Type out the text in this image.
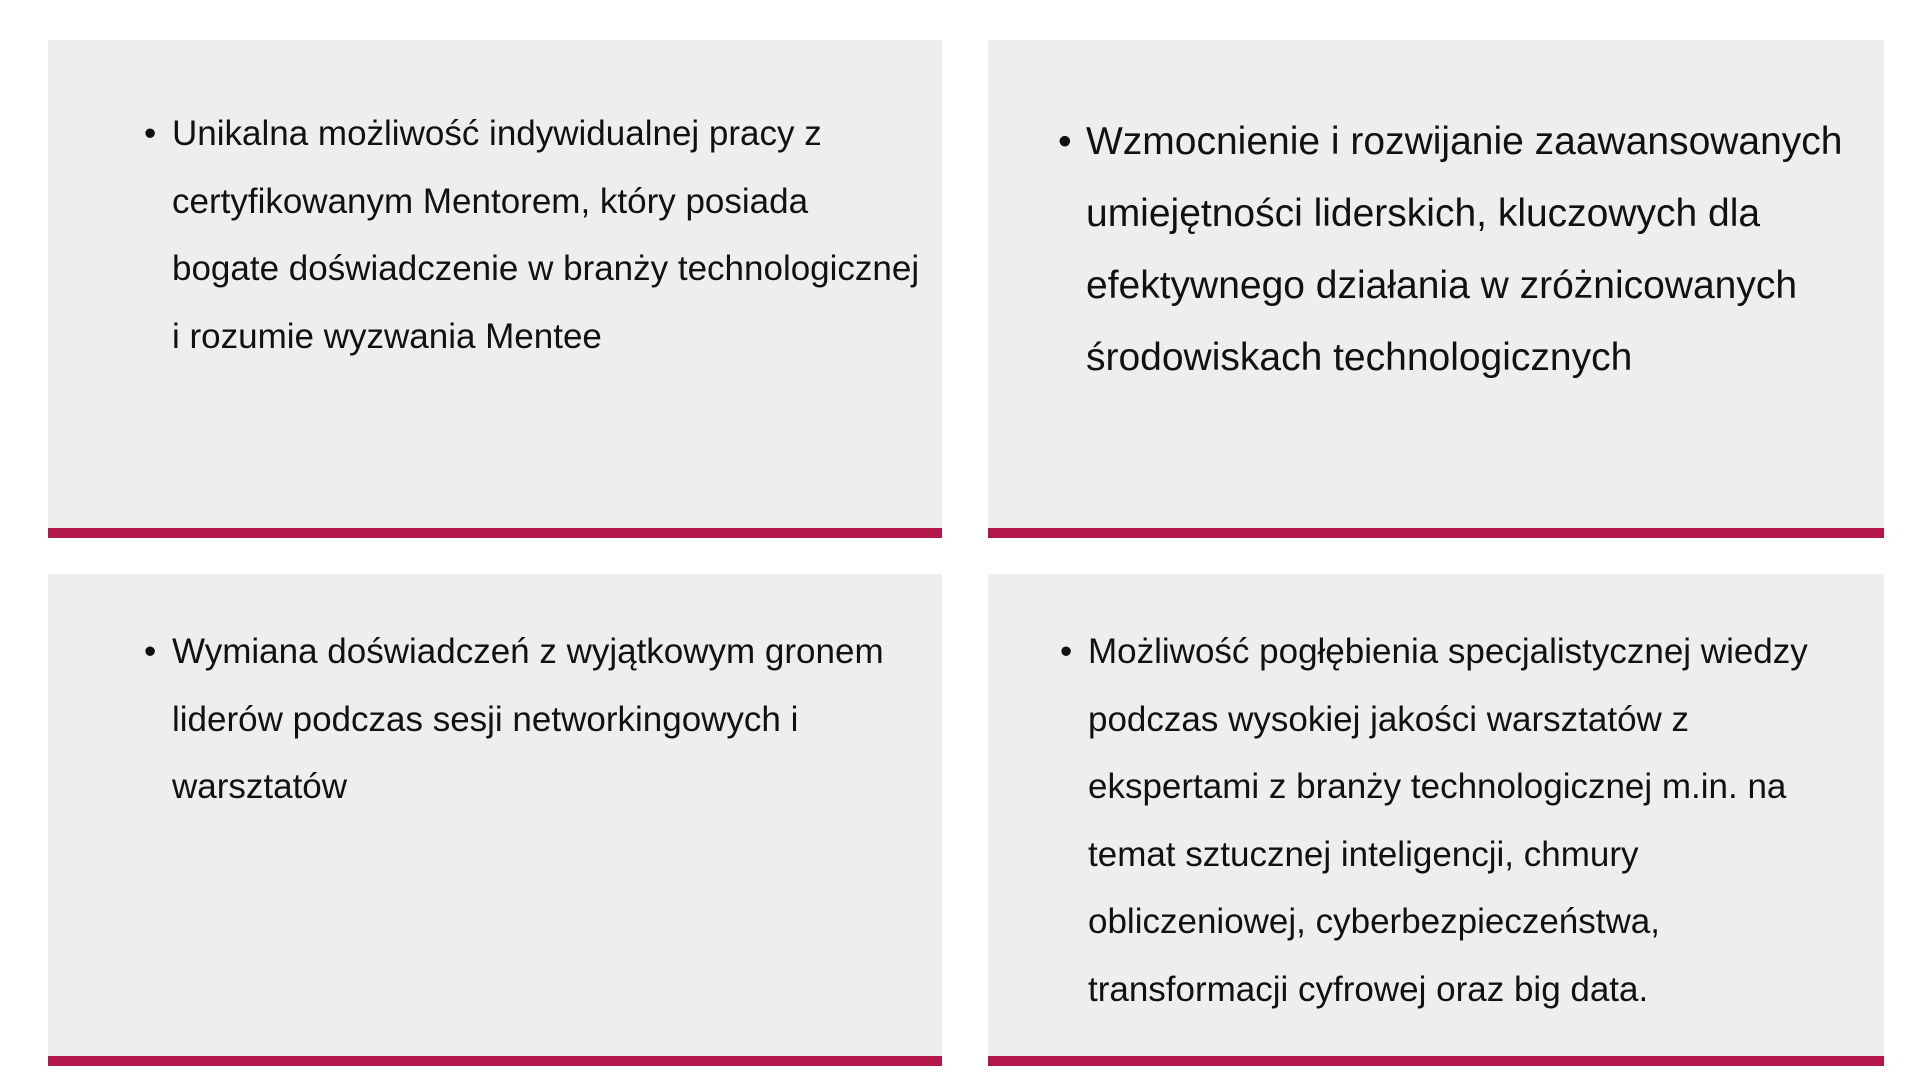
• Unikalna możliwość indywidualnej pracy z certyfikowanym Mentorem, który posiada bogate doświadczenie w branży technologicznej i rozumie wyzwania Mentee
• Wzmocnienie i rozwijanie zaawansowanych umiejętności liderskich, kluczowych dla efektywnego działania w zróżnicowanych środowiskach technologicznych
• Wymiana doświadczeń z wyjątkowym gronem liderów podczas sesji networkingowych i warsztatów
• Możliwość pogłębienia specjalistycznej wiedzy podczas wysokiej jakości warsztatów z ekspertami z branży technologicznej m.in. na temat sztucznej inteligencji, chmury obliczeniowej, cyberbezpieczeństwa, transformacji cyfrowej oraz big data.
